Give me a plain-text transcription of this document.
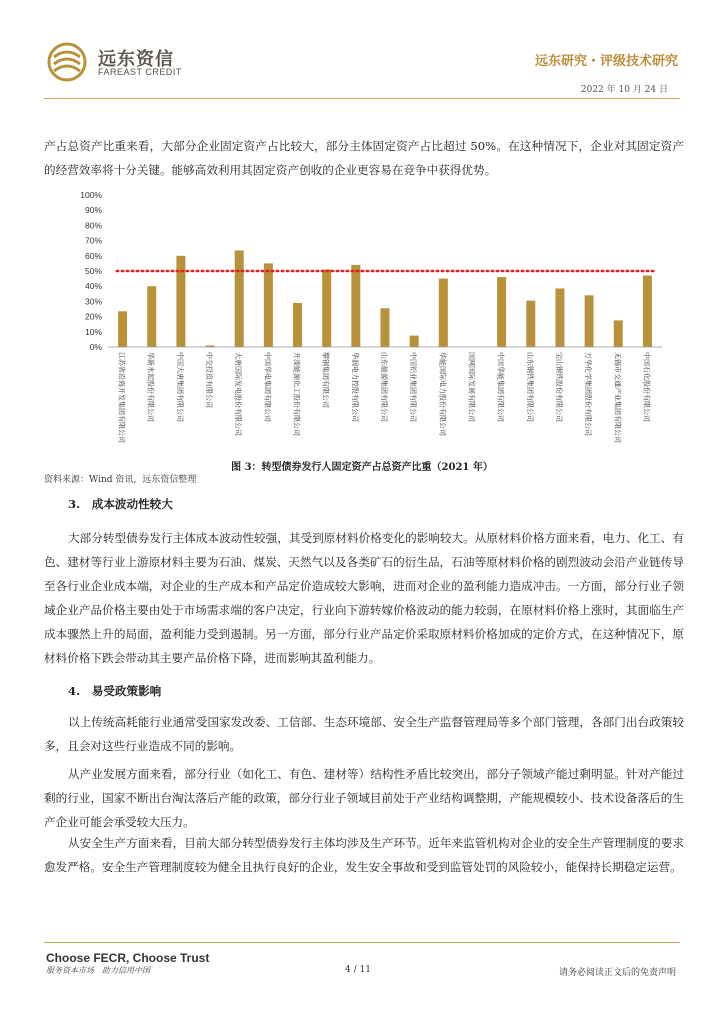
远东资信
FAREAST CREDIT
远东研究・评级技术研究
2022 年 10 月 24 日
产占总资产比重来看，大部分企业固定资产占比较大，部分主体固定资产占比超过 50%。在这种情况下，企业对其固定资产的经营效率将十分关键。能够高效利用其固定资产创收的企业更容易在竞争中获得优势。
0%
10%
20%
30%
40%
50%
60%
70%
80%
90%
100%
江苏省沿海开发集团有限公司	华新水泥股份有限公司	中国大唐集团有限公司	中交投资有限公司	大唐国际发电股份有限公司	中国华电集团有限公司	开滦能源化工股份有限公司	攀钢集团有限公司	华润电力控股有限公司	山东能源集团有限公司	中国铝业集团有限公司	华能国际电力股份有限公司	国网国际发展有限公司	中国华能集团有限公司	山东钢铁集团有限公司	宝山钢铁股份有限公司	万华化学集团股份有限公司	无锡市交通产业集团有限公司	中国石化股份有限公司
图 3：转型债券发行人固定资产占总资产比重（2021 年）
资料来源：Wind 资讯，远东资信整理
3.　成本波动性较大
大部分转型债券发行主体成本波动性较强，其受到原材料价格变化的影响较大。从原材料价格方面来看，电力、化工、有色、建材等行业上游原材料主要为石油、煤炭、天然气以及各类矿石的衍生品，石油等原材料价格的剧烈波动会沿产业链传导至各行业企业成本端，对企业的生产成本和产品定价造成较大影响，进而对企业的盈利能力造成冲击。一方面，部分行业子领域企业产品价格主要由处于市场需求端的客户决定，行业向下游转嫁价格波动的能力较弱，在原材料价格上涨时，其面临生产成本骤然上升的局面，盈利能力受到遏制。另一方面，部分行业产品定价采取原材料价格加成的定价方式，在这种情况下，原材料价格下跌会带动其主要产品价格下降，进而影响其盈利能力。
4.　易受政策影响
以上传统高耗能行业通常受国家发改委、工信部、生态环境部、安全生产监督管理局等多个部门管理，各部门出台政策较多，且会对这些行业造成不同的影响。
从产业发展方面来看，部分行业（如化工、有色、建材等）结构性矛盾比较突出，部分子领域产能过剩明显。针对产能过剩的行业，国家不断出台淘汰落后产能的政策，部分行业子领域目前处于产业结构调整期，产能规模较小、技术设备落后的生产企业可能会承受较大压力。
从安全生产方面来看，目前大部分转型债券发行主体均涉及生产环节。近年来监管机构对企业的安全生产管理制度的要求愈发严格。安全生产管理制度较为健全且执行良好的企业，发生安全事故和受到监管处罚的风险较小，能保持长期稳定运营。
Choose FECR, Choose Trust
服务资本市场　助力信用中国	4 / 11	请务必阅读正文后的免责声明
